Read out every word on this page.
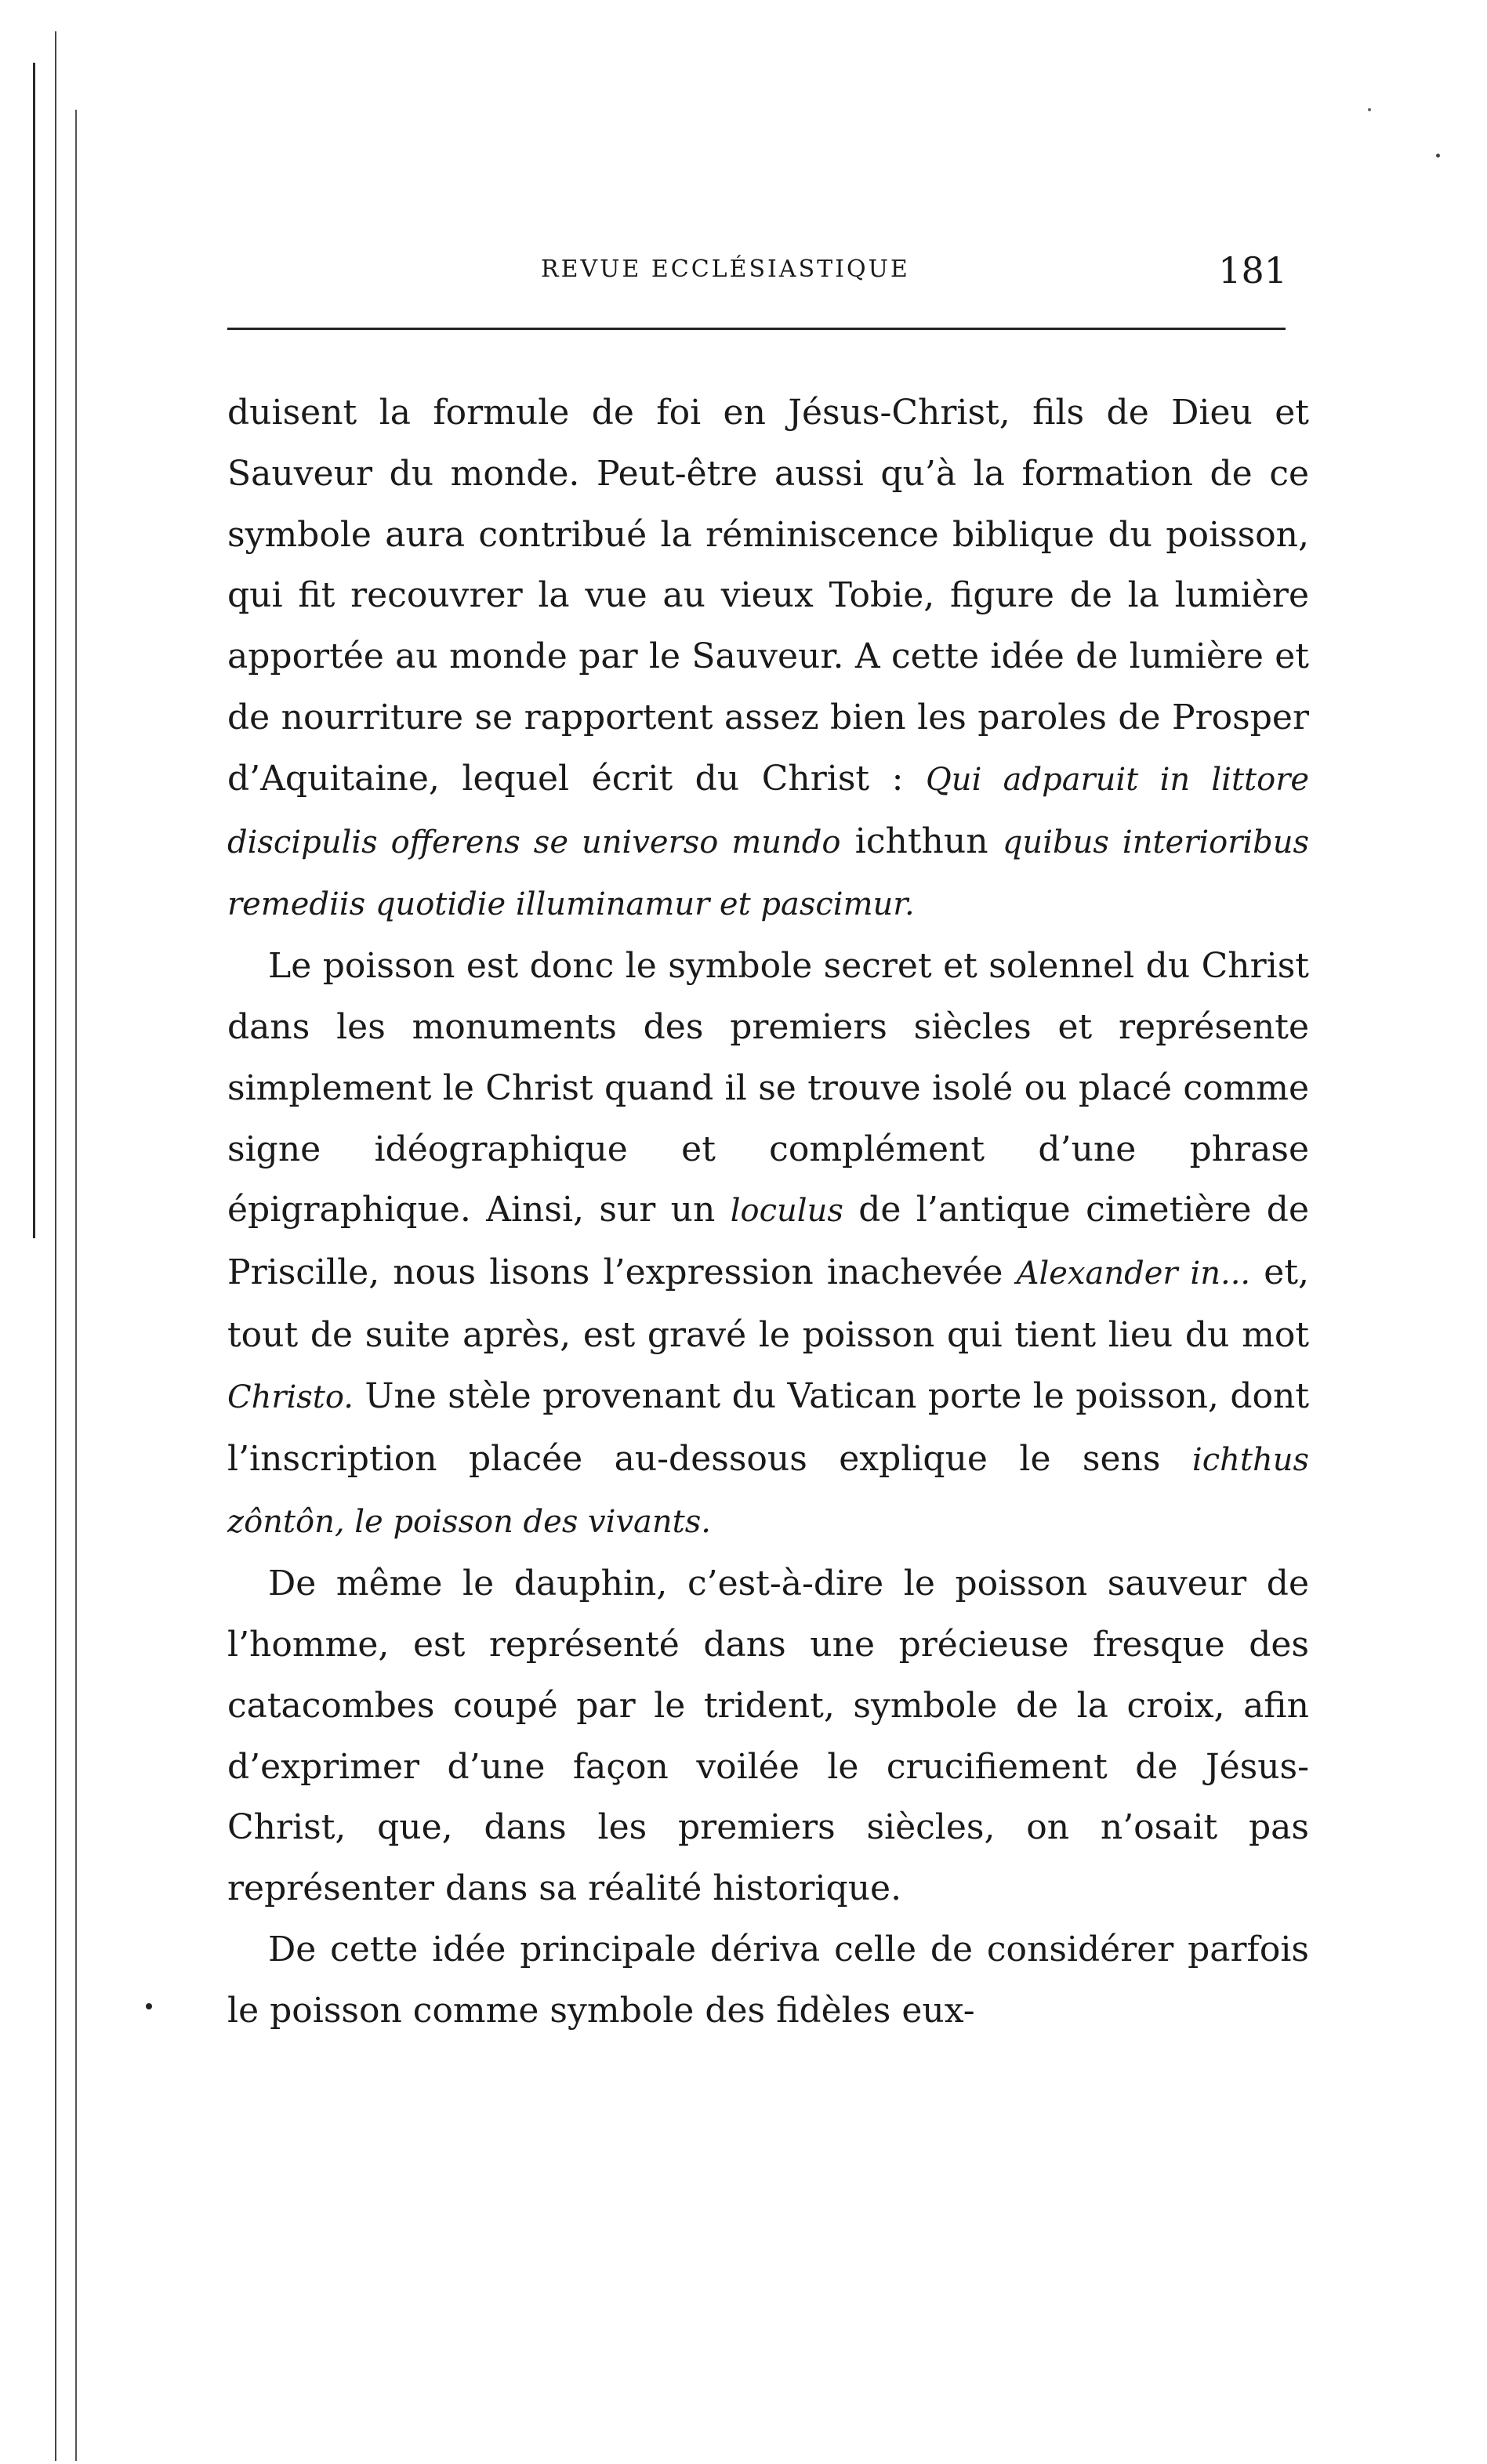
REVUE ECCLÉSIASTIQUE	181

duisent la formule de foi en Jésus-Christ, fils de Dieu et Sauveur du monde. Peut-être aussi qu’à la formation de ce symbole aura contribué la réminiscence biblique du poisson, qui fit recouvrer la vue au vieux Tobie, figure de la lumière apportée au monde par le Sauveur. A cette idée de lumière et de nourriture se rapportent assez bien les paroles de Prosper d’Aquitaine, lequel écrit du Christ : Qui adparuit in littore discipulis offerens se universo mundo ichthun quibus interioribus remediis quotidie illuminamur et pascimur.

Le poisson est donc le symbole secret et solennel du Christ dans les monuments des premiers siècles et représente simplement le Christ quand il se trouve isolé ou placé comme signe idéographique et complément d’une phrase épigraphique. Ainsi, sur un loculus de l’antique cimetière de Priscille, nous lisons l’expression inachevée Alexander in... et, tout de suite après, est gravé le poisson qui tient lieu du mot Christo. Une stèle provenant du Vatican porte le poisson, dont l’inscription placée au-dessous explique le sens ichthus zôntôn, le poisson des vivants.

De même le dauphin, c’est-à-dire le poisson sauveur de l’homme, est représenté dans une précieuse fresque des catacombes coupé par le trident, symbole de la croix, afin d’exprimer d’une façon voilée le crucifiement de Jésus-Christ, que, dans les premiers siècles, on n’osait pas représenter dans sa réalité historique.

De cette idée principale dériva celle de considérer parfois le poisson comme symbole des fidèles eux-
